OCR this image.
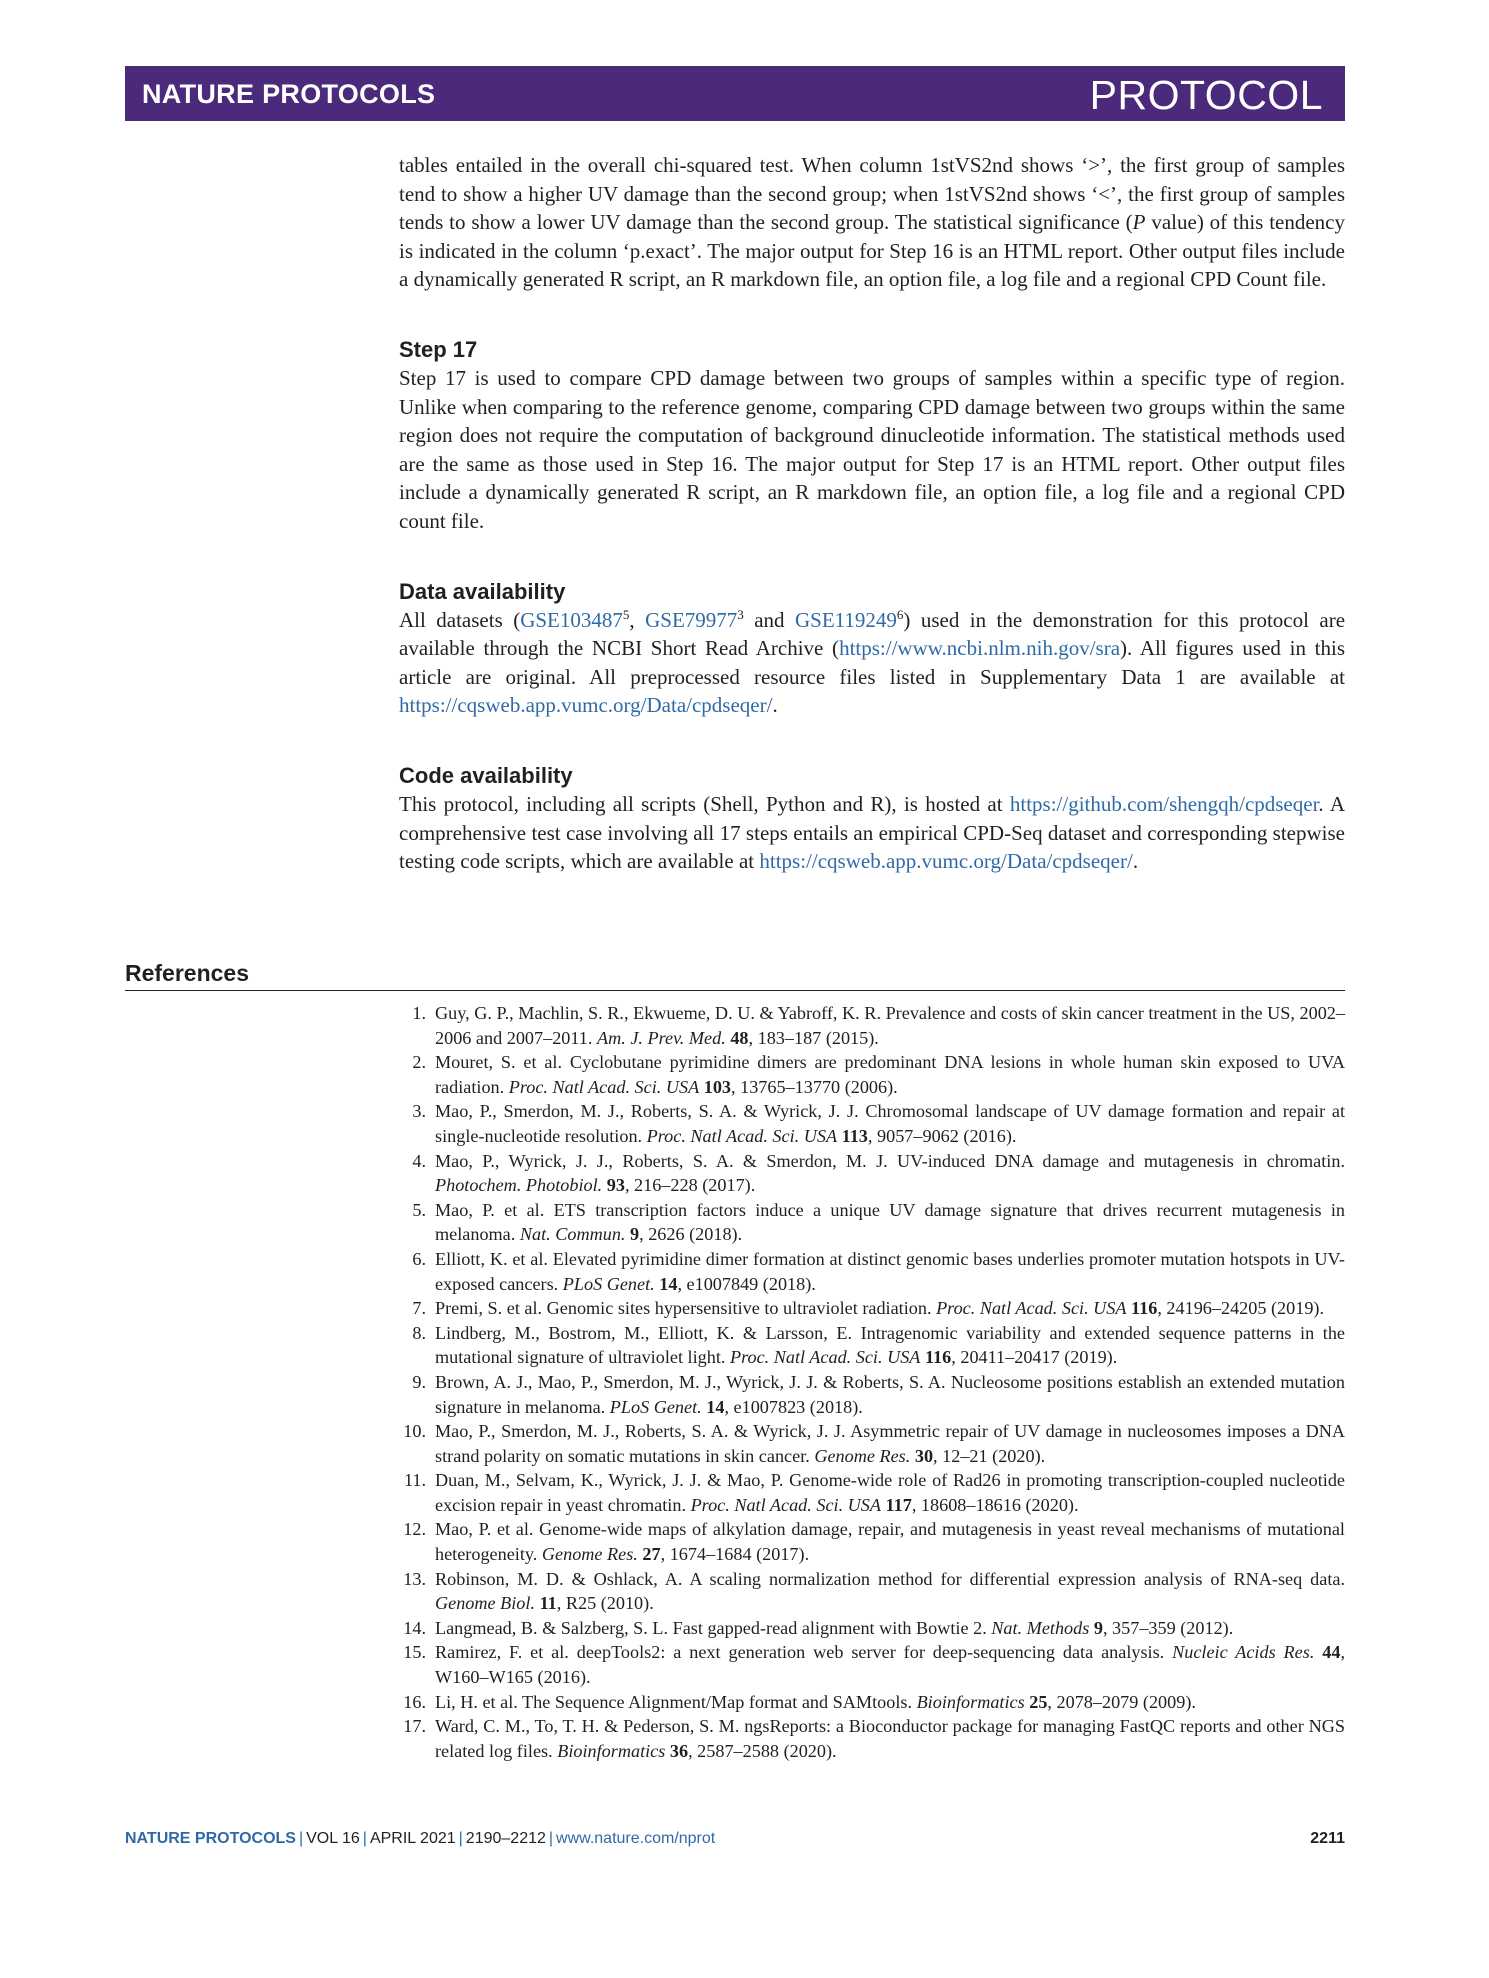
NATURE PROTOCOLS	PROTOCOL

tables entailed in the overall chi-squared test. When column 1stVS2nd shows ‘>’, the first group of samples tend to show a higher UV damage than the second group; when 1stVS2nd shows ‘<’, the first group of samples tends to show a lower UV damage than the second group. The statistical significance (P value) of this tendency is indicated in the column ‘p.exact’. The major output for Step 16 is an HTML report. Other output files include a dynamically generated R script, an R markdown file, an option file, a log file and a regional CPD Count file.

Step 17

Step 17 is used to compare CPD damage between two groups of samples within a specific type of region. Unlike when comparing to the reference genome, comparing CPD damage between two groups within the same region does not require the computation of background dinucleotide information. The statistical methods used are the same as those used in Step 16. The major output for Step 17 is an HTML report. Other output files include a dynamically generated R script, an R markdown file, an option file, a log file and a regional CPD count file.

Data availability

All datasets (GSE103487$^5$, GSE79977$^3$ and GSE119249$^6$) used in the demonstration for this protocol are available through the NCBI Short Read Archive (https://www.ncbi.nlm.nih.gov/sra). All figures used in this article are original. All preprocessed resource files listed in Supplementary Data 1 are available at https://cqsweb.app.vumc.org/Data/cpdseqer/.

Code availability

This protocol, including all scripts (Shell, Python and R), is hosted at https://github.com/shengqh/cpdseqer. A comprehensive test case involving all 17 steps entails an empirical CPD-Seq dataset and corresponding stepwise testing code scripts, which are available at https://cqsweb.app.vumc.org/Data/cpdseqer/.

References
1. Guy, G. P., Machlin, S. R., Ekwueme, D. U. & Yabroff, K. R. Prevalence and costs of skin cancer treatment in the US, 2002–2006 and 2007–2011. Am. J. Prev. Med. 48, 183–187 (2015).
2. Mouret, S. et al. Cyclobutane pyrimidine dimers are predominant DNA lesions in whole human skin exposed to UVA radiation. Proc. Natl Acad. Sci. USA 103, 13765–13770 (2006).
3. Mao, P., Smerdon, M. J., Roberts, S. A. & Wyrick, J. J. Chromosomal landscape of UV damage formation and repair at single-nucleotide resolution. Proc. Natl Acad. Sci. USA 113, 9057–9062 (2016).
4. Mao, P., Wyrick, J. J., Roberts, S. A. & Smerdon, M. J. UV-induced DNA damage and mutagenesis in chromatin. Photochem. Photobiol. 93, 216–228 (2017).
5. Mao, P. et al. ETS transcription factors induce a unique UV damage signature that drives recurrent mutagenesis in melanoma. Nat. Commun. 9, 2626 (2018).
6. Elliott, K. et al. Elevated pyrimidine dimer formation at distinct genomic bases underlies promoter mutation hotspots in UV-exposed cancers. PLoS Genet. 14, e1007849 (2018).
7. Premi, S. et al. Genomic sites hypersensitive to ultraviolet radiation. Proc. Natl Acad. Sci. USA 116, 24196–24205 (2019).
8. Lindberg, M., Bostrom, M., Elliott, K. & Larsson, E. Intragenomic variability and extended sequence patterns in the mutational signature of ultraviolet light. Proc. Natl Acad. Sci. USA 116, 20411–20417 (2019).
9. Brown, A. J., Mao, P., Smerdon, M. J., Wyrick, J. J. & Roberts, S. A. Nucleosome positions establish an extended mutation signature in melanoma. PLoS Genet. 14, e1007823 (2018).
10. Mao, P., Smerdon, M. J., Roberts, S. A. & Wyrick, J. J. Asymmetric repair of UV damage in nucleosomes imposes a DNA strand polarity on somatic mutations in skin cancer. Genome Res. 30, 12–21 (2020).
11. Duan, M., Selvam, K., Wyrick, J. J. & Mao, P. Genome-wide role of Rad26 in promoting transcription-coupled nucleotide excision repair in yeast chromatin. Proc. Natl Acad. Sci. USA 117, 18608–18616 (2020).
12. Mao, P. et al. Genome-wide maps of alkylation damage, repair, and mutagenesis in yeast reveal mechanisms of mutational heterogeneity. Genome Res. 27, 1674–1684 (2017).
13. Robinson, M. D. & Oshlack, A. A scaling normalization method for differential expression analysis of RNA-seq data. Genome Biol. 11, R25 (2010).
14. Langmead, B. & Salzberg, S. L. Fast gapped-read alignment with Bowtie 2. Nat. Methods 9, 357–359 (2012).
15. Ramirez, F. et al. deepTools2: a next generation web server for deep-sequencing data analysis. Nucleic Acids Res. 44, W160–W165 (2016).
16. Li, H. et al. The Sequence Alignment/Map format and SAMtools. Bioinformatics 25, 2078–2079 (2009).
17. Ward, C. M., To, T. H. & Pederson, S. M. ngsReports: a Bioconductor package for managing FastQC reports and other NGS related log files. Bioinformatics 36, 2587–2588 (2020).
NATURE PROTOCOLS | VOL 16 | APRIL 2021 | 2190–2212 | www.nature.com/nprot	2211
